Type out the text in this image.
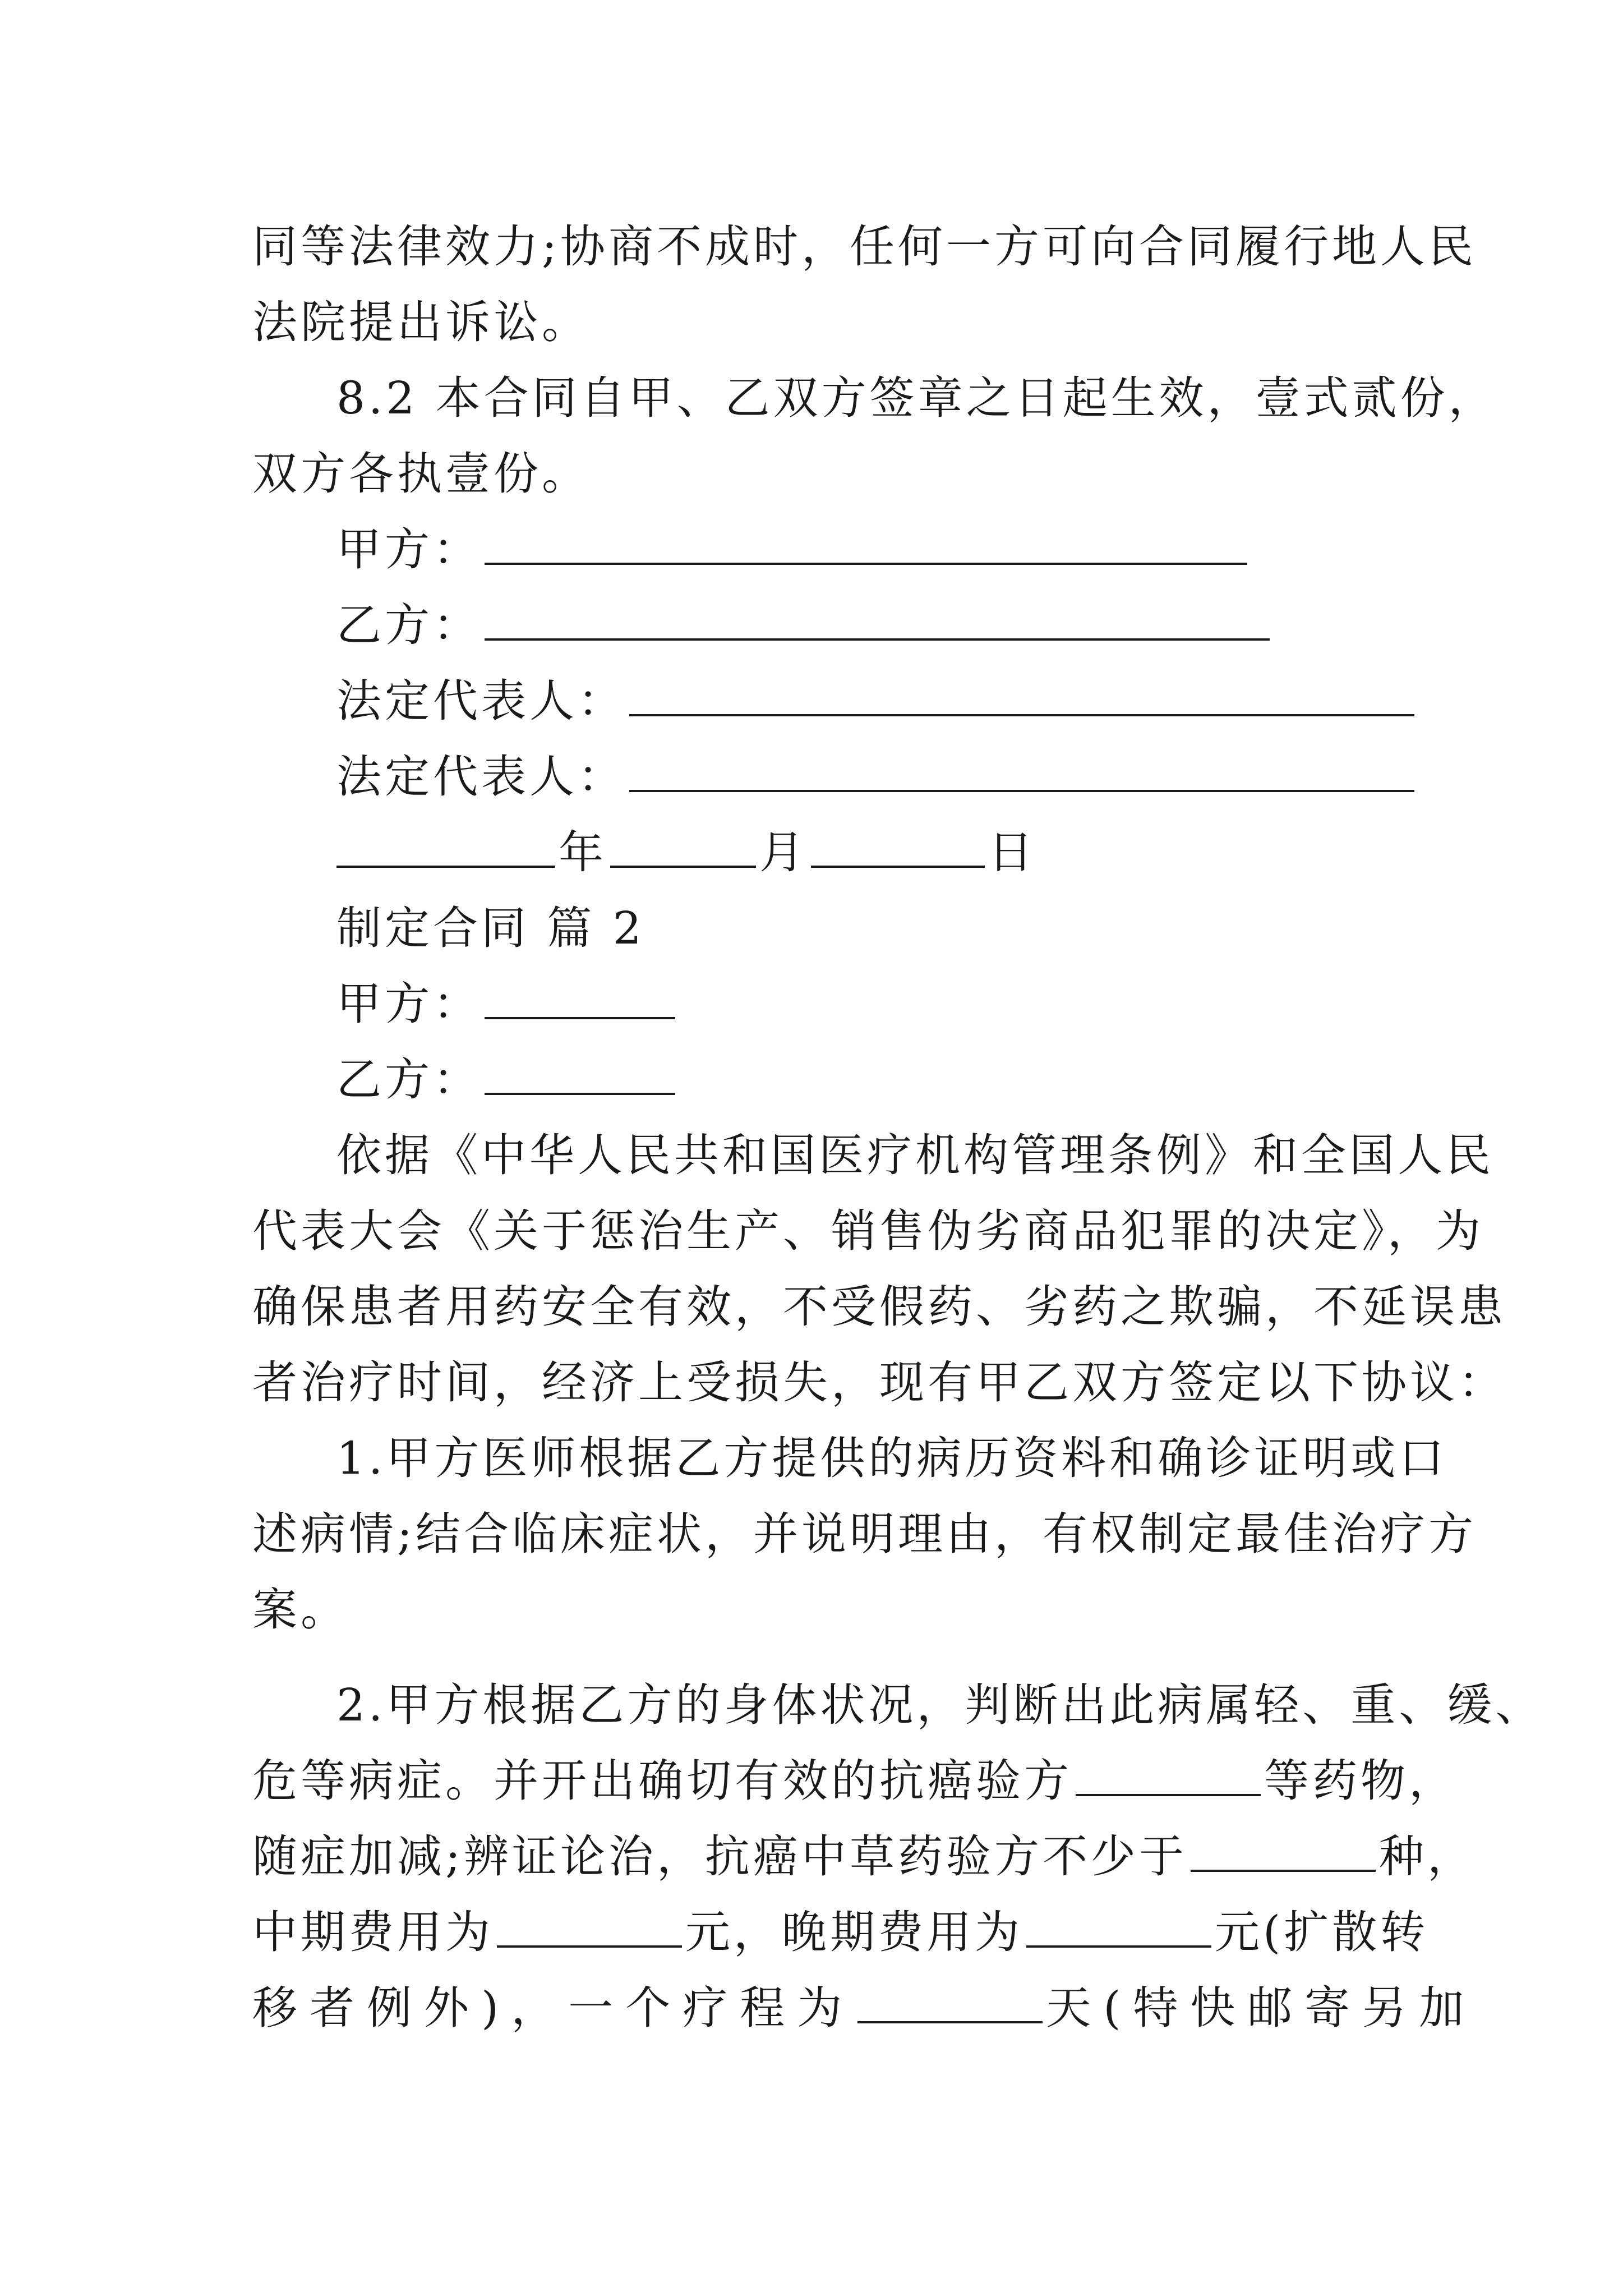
同等法律效力;协商不成时，任何一方可向合同履行地人民
法院提出诉讼。
8.2 本合同自甲、乙双方签章之日起生效，壹式贰份，
双方各执壹份。
甲方：
乙方：
法定代表人：
法定代表人：
年	月	日
制定合同 篇 2
甲方：
乙方：
依据《中华人民共和国医疗机构管理条例》和全国人民
代表大会《关于惩治生产、销售伪劣商品犯罪的决定》，为
确保患者用药安全有效，不受假药、劣药之欺骗，不延误患
者治疗时间，经济上受损失，现有甲乙双方签定以下协议：
1.甲方医师根据乙方提供的病历资料和确诊证明或口
述病情;结合临床症状，并说明理由，有权制定最佳治疗方
案。
2.甲方根据乙方的身体状况，判断出此病属轻、重、缓、
危等病症。并开出确切有效的抗癌验方	等药物，
随症加减;辨证论治，抗癌中草药验方不少于	种，
中期费用为	元，晚期费用为	元(扩散转
移者例外)，一个疗程为	天(特快邮寄另加
